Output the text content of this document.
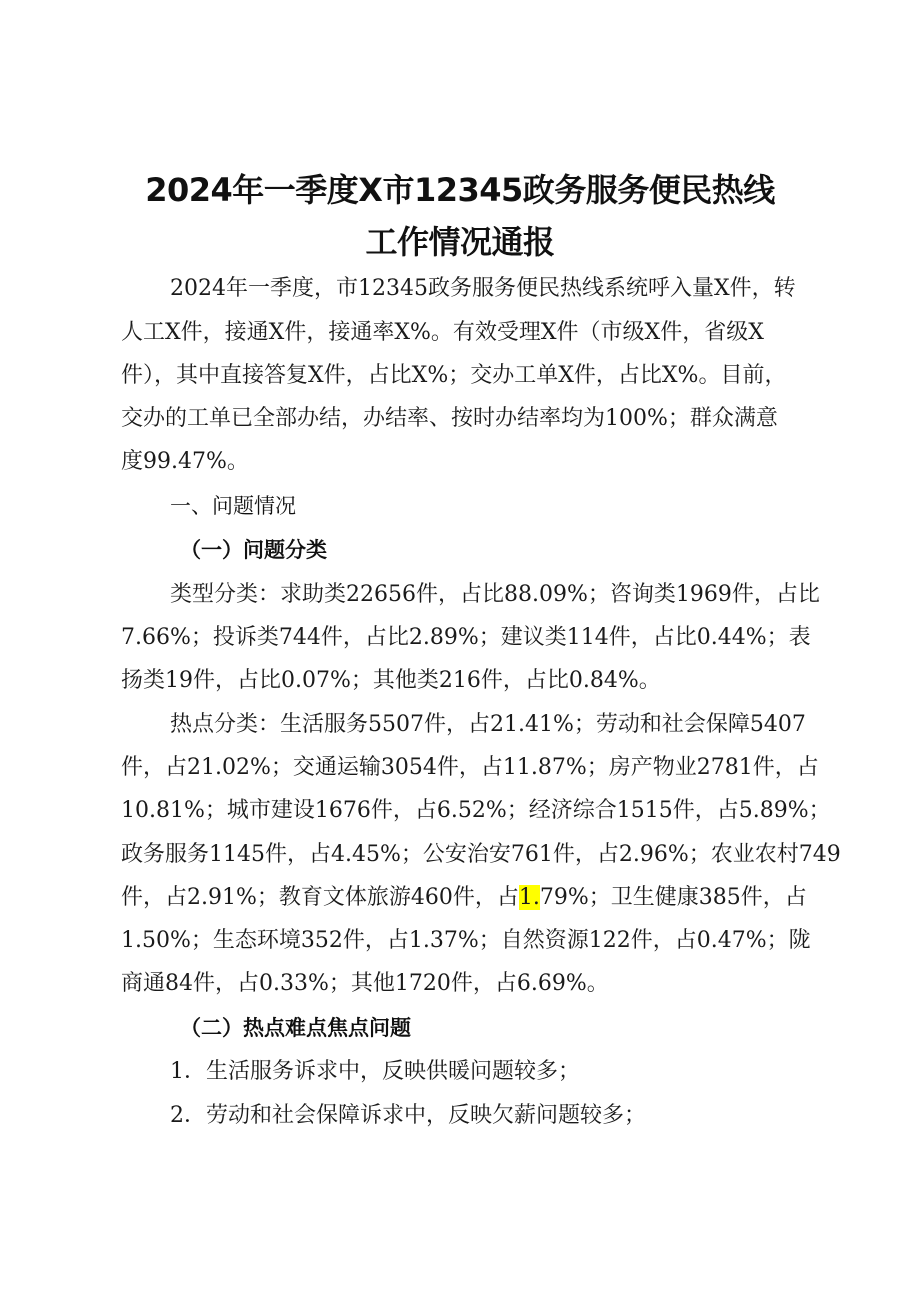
2024年一季度X市12345政务服务便民热线
工作情况通报
2024年一季度，市12345政务服务便民热线系统呼入量X件，转
人工X件，接通X件，接通率X%。有效受理X件（市级X件，省级X
件），其中直接答复X件，占比X%；交办工单X件，占比X%。目前，
交办的工单已全部办结，办结率、按时办结率均为100%；群众满意
度99.47%。
一、问题情况
（一）问题分类
类型分类：求助类22656件，占比88.09%；咨询类1969件，占比
7.66%；投诉类744件，占比2.89%；建议类114件，占比0.44%；表
扬类19件，占比0.07%；其他类216件，占比0.84%。
热点分类：生活服务5507件，占21.41%；劳动和社会保障5407
件，占21.02%；交通运输3054件，占11.87%；房产物业2781件，占
10.81%；城市建设1676件，占6.52%；经济综合1515件，占5.89%；
政务服务1145件，占4.45%；公安治安761件，占2.96%；农业农村749
件，占2.91%；教育文体旅游460件，占1.79%；卫生健康385件，占
1.50%；生态环境352件，占1.37%；自然资源122件，占0.47%；陇
商通84件，占0.33%；其他1720件，占6.69%。
（二）热点难点焦点问题
1．生活服务诉求中，反映供暖问题较多；
2．劳动和社会保障诉求中，反映欠薪问题较多；
